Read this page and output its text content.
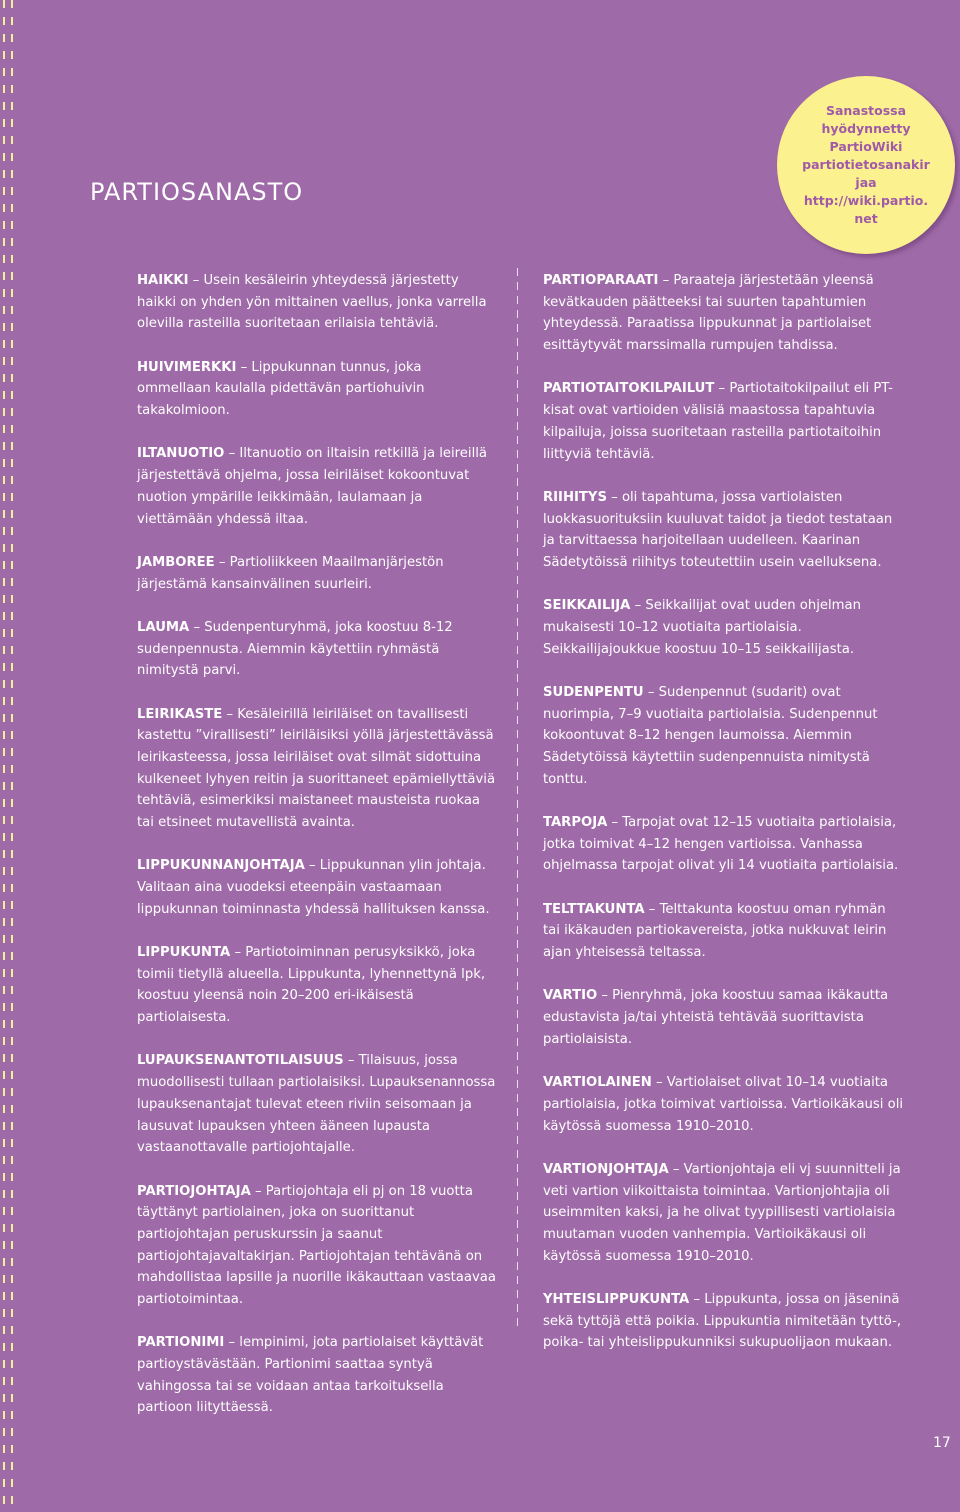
PARTIOSANASTO
Sanastossa hyödynnetty PartioWiki partiotietosanakirjaa http://wiki.partio.net

HAIKKI – Usein kesäleirin yhteydessä järjestetty haikki on yhden yön mittainen vaellus, jonka varrella olevilla rasteilla suoritetaan erilaisia tehtäviä.

HUIVIMERKKI – Lippukunnan tunnus, joka ommellaan kaulalla pidettävän partiohuivin takakolmioon.

ILTANUOTIO – Iltanuotio on iltaisin retkillä ja leireillä järjestettävä ohjelma, jossa leiriläiset kokoontuvat nuotion ympärille leikkimään, laulamaan ja viettämään yhdessä iltaa.

JAMBOREE – Partioliikkeen Maailmanjärjestön järjestämä kansainvälinen suurleiri.

LAUMA – Sudenpenturyhmä, joka koostuu 8-12 sudenpennusta. Aiemmin käytettiin ryhmästä nimitystä parvi.

LEIRIKASTE – Kesäleirillä leiriläiset on tavallisesti kastettu ”virallisesti” leiriläisiksi yöllä järjestettävässä leirikasteessa, jossa leiriläiset ovat silmät sidottuina kulkeneet lyhyen reitin ja suorittaneet epämiellyttäviä tehtäviä, esimerkiksi maistaneet mausteista ruokaa tai etsineet mutavellistä avainta.

LIPPUKUNNANJOHTAJA – Lippukunnan ylin johtaja. Valitaan aina vuodeksi eteenpäin vastaamaan lippukunnan toiminnasta yhdessä hallituksen kanssa.

LIPPUKUNTA – Partiotoiminnan perusyksikkö, joka toimii tietyllä alueella. Lippukunta, lyhennettynä lpk, koostuu yleensä noin 20–200 eri-ikäisestä partiolaisesta.

LUPAUKSENANTOTILAISUUS – Tilaisuus, jossa muodollisesti tullaan partiolaisiksi. Lupauksenannossa lupauksenantajat tulevat eteen riviin seisomaan ja lausuvat lupauksen yhteen ääneen lupausta vastaanottavalle partiojohtajalle.

PARTIOJOHTAJA – Partiojohtaja eli pj on 18 vuotta täyttänyt partiolainen, joka on suorittanut partiojohtajan peruskurssin ja saanut partiojohtajavaltakirjan. Partiojohtajan tehtävänä on mahdollistaa lapsille ja nuorille ikäkauttaan vastaavaa partiotoimintaa.

PARTIONIMI – lempinimi, jota partiolaiset käyttävät partioystävästään. Partionimi saattaa syntyä vahingossa tai se voidaan antaa tarkoituksella partioon liityttäessä.

PARTIOPARAATI – Paraateja järjestetään yleensä kevätkauden päätteeksi tai suurten tapahtumien yhteydessä. Paraatissa lippukunnat ja partiolaiset esittäytyvät marssimalla rumpujen tahdissa.

PARTIOTAITOKILPAILUT – Partiotaitokilpailut eli PT-kisat ovat vartioiden välisiä maastossa tapahtuvia kilpailuja, joissa suoritetaan rasteilla partiotaitoihin liittyviä tehtäviä.

RIIHITYS – oli tapahtuma, jossa vartiolaisten luokkasuorituksiin kuuluvat taidot ja tiedot testataan ja tarvittaessa harjoitellaan uudelleen. Kaarinan Sädetytöissä riihitys toteutettiin usein vaelluksena.

SEIKKAILIJA – Seikkailijat ovat uuden ohjelman mukaisesti 10–12 vuotiaita partiolaisia. Seikkailijajoukkue koostuu 10–15 seikkailijasta.

SUDENPENTU – Sudenpennut (sudarit) ovat nuorimpia, 7–9 vuotiaita partiolaisia. Sudenpennut kokoontuvat 8–12 hengen laumoissa. Aiemmin Sädetytöissä käytettiin sudenpennuista nimitystä tonttu.

TARPOJA – Tarpojat ovat 12–15 vuotiaita partiolaisia, jotka toimivat 4–12 hengen vartioissa. Vanhassa ohjelmassa tarpojat olivat yli 14 vuotiaita partiolaisia.

TELTTAKUNTA – Telttakunta koostuu oman ryhmän tai ikäkauden partiokavereista, jotka nukkuvat leirin ajan yhteisessä teltassa.

VARTIO – Pienryhmä, joka koostuu samaa ikäkautta edustavista ja/tai yhteistä tehtävää suorittavista partiolaisista.

VARTIOLAINEN – Vartiolaiset olivat 10–14 vuotiaita partiolaisia, jotka toimivat vartioissa. Vartioikäkausi oli käytössä suomessa 1910–2010.

VARTIONJOHTAJA – Vartionjohtaja eli vj suunnitteli ja veti vartion viikoittaista toimintaa. Vartionjohtajia oli useimmiten kaksi, ja he olivat tyypillisesti vartiolaisia muutaman vuoden vanhempia. Vartioikäkausi oli käytössä suomessa 1910–2010.

YHTEISLIPPUKUNTA – Lippukunta, jossa on jäseninä sekä tyttöjä että poikia. Lippukuntia nimitetään tyttö-, poika- tai yhteislippukunniksi sukupuolijaon mukaan.

17
